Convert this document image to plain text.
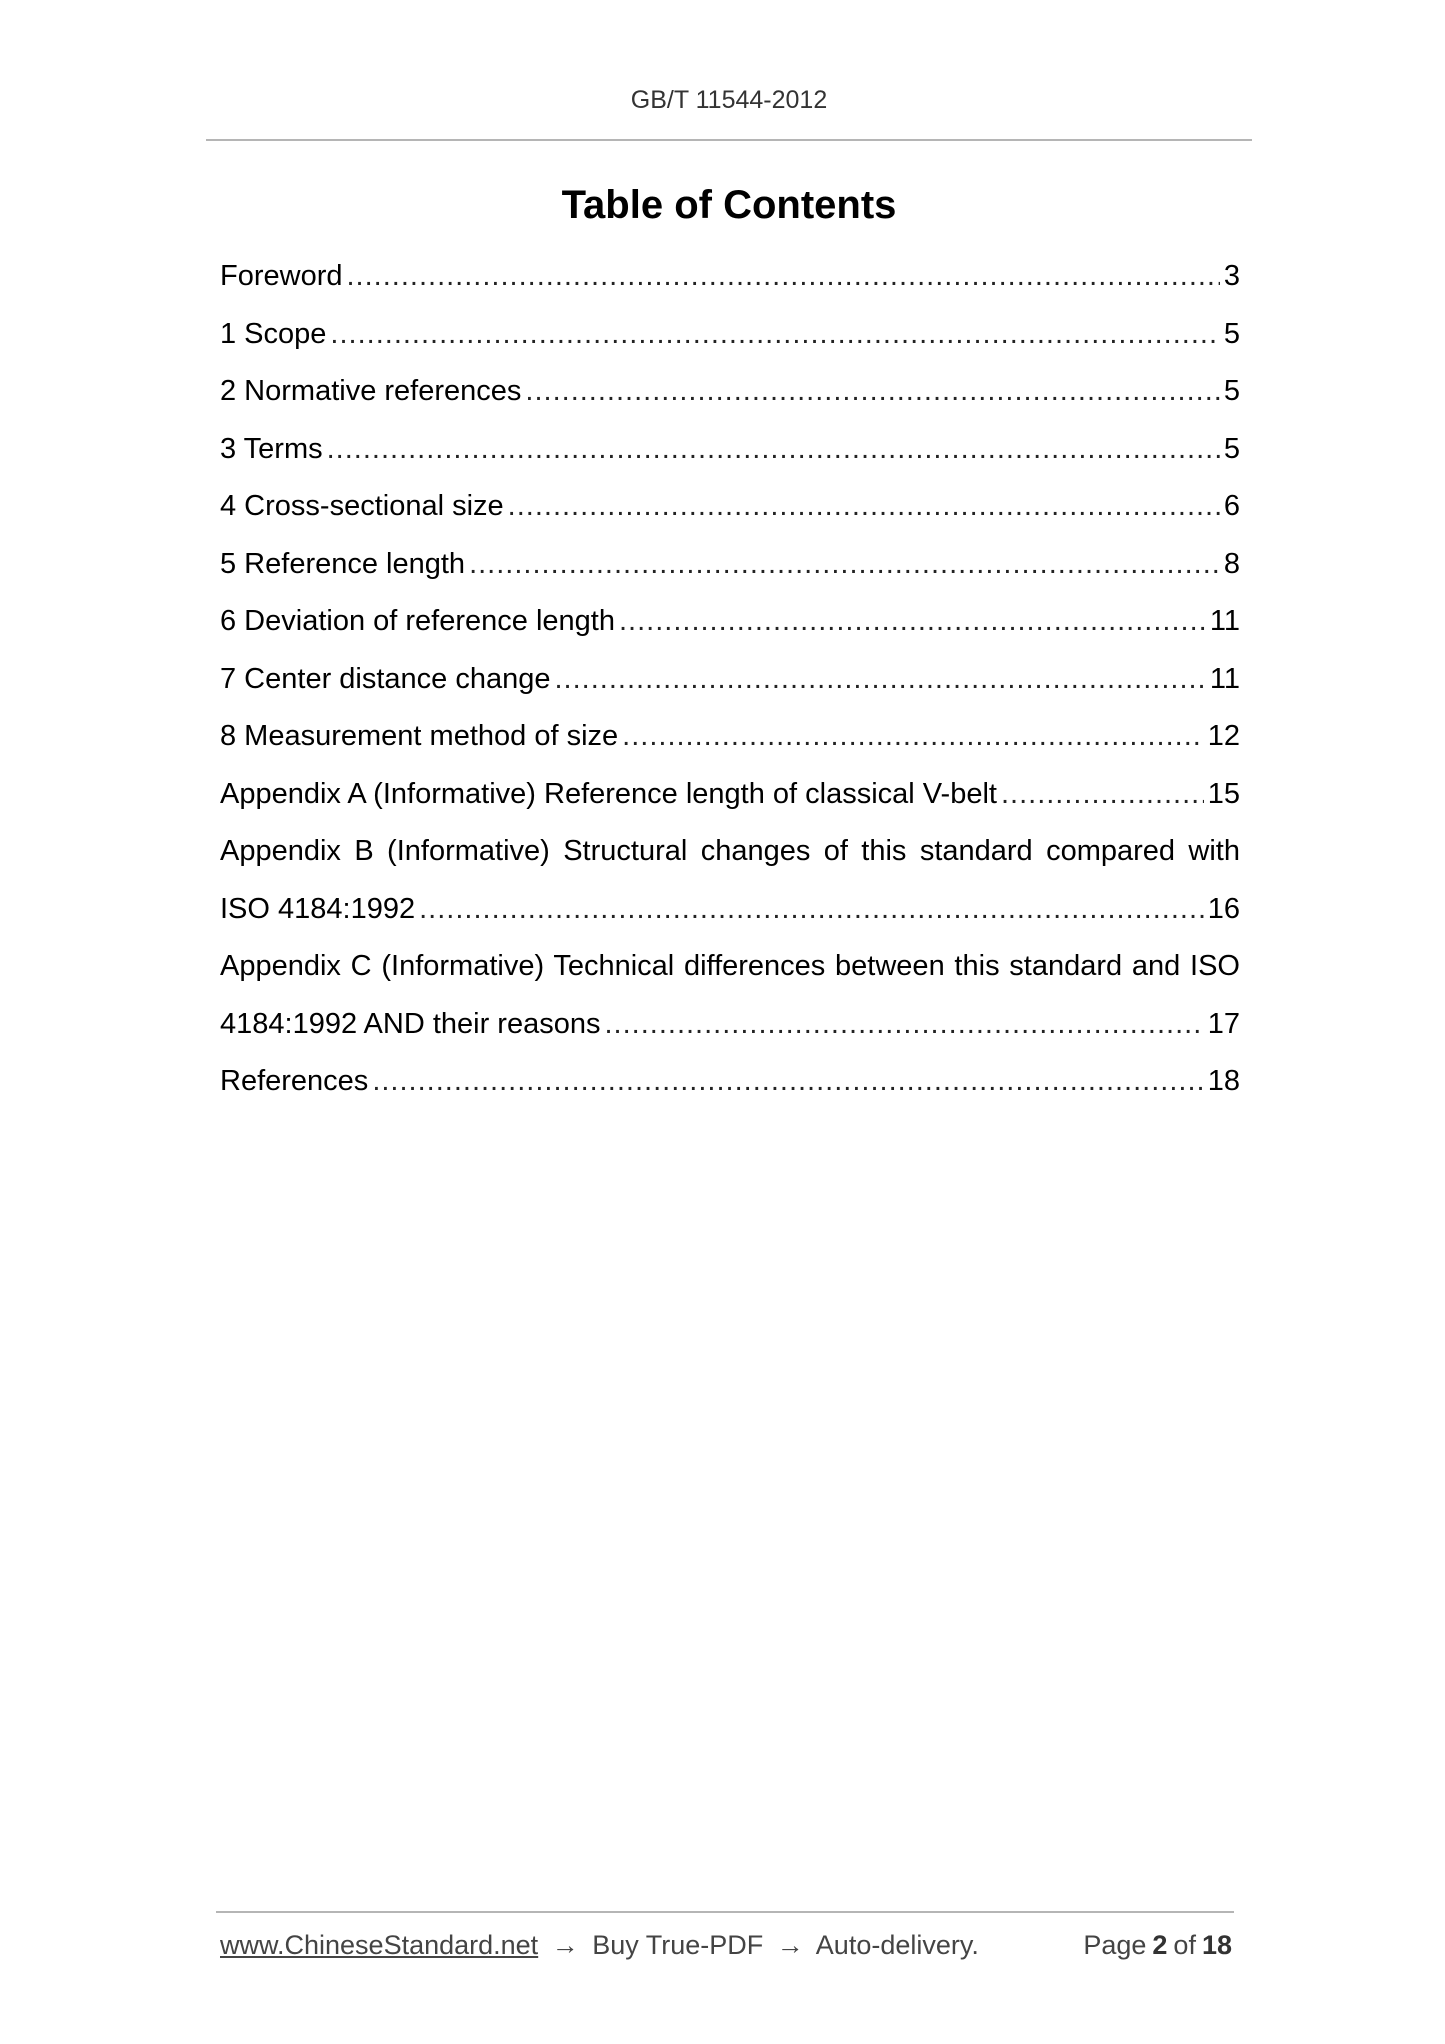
GB/T 11544-2012
Table of Contents
Foreword .....	3
1 Scope .....	5
2 Normative references .....	5
3 Terms .....	5
4 Cross-sectional size .....	6
5 Reference length .....	8
6 Deviation of reference length .....	11
7 Center distance change .....	11
8 Measurement method of size .....	12
Appendix A (Informative) Reference length of classical V-belt .....	15
Appendix B (Informative) Structural changes of this standard compared with
ISO 4184:1992 .....	16
Appendix C (Informative) Technical differences between this standard and ISO
4184:1992 AND their reasons .....	17
References .....	18
www.ChineseStandard.net → Buy True-PDF → Auto-delivery.	Page 2 of 18
